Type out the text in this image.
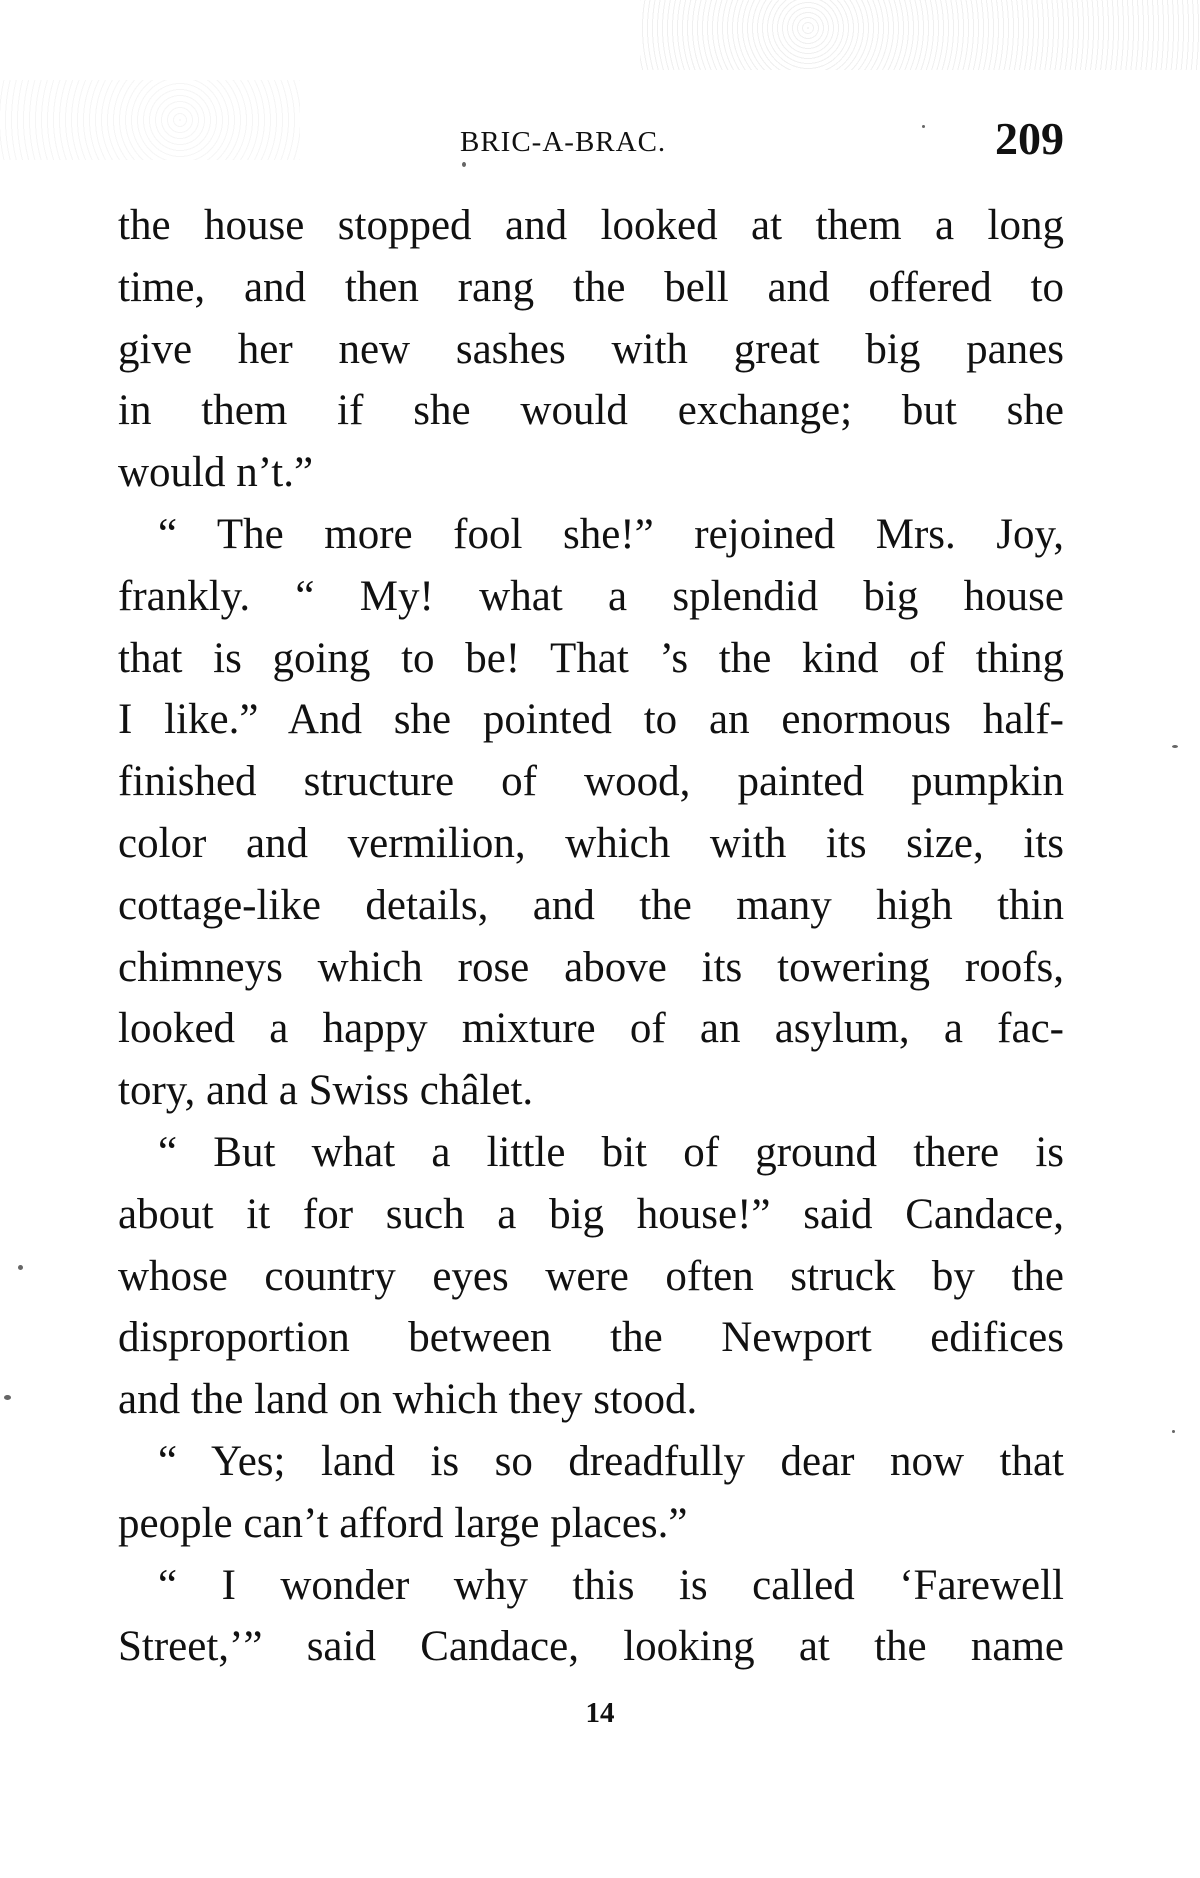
BRIC-A-BRAC.	209
the house stopped and looked at them a long
time, and then rang the bell and offered to
give her new sashes with great big panes
in them if she would exchange; but she
would n’t.”
“ The more fool she!” rejoined Mrs. Joy,
frankly. “ My! what a splendid big house
that is going to be! That ’s the kind of thing
I like.” And she pointed to an enormous half-
finished structure of wood, painted pumpkin
color and vermilion, which with its size, its
cottage-like details, and the many high thin
chimneys which rose above its towering roofs,
looked a happy mixture of an asylum, a fac-
tory, and a Swiss châlet.
“ But what a little bit of ground there is
about it for such a big house!” said Candace,
whose country eyes were often struck by the
disproportion between the Newport edifices
and the land on which they stood.
“ Yes; land is so dreadfully dear now that
people can’t afford large places.”
“ I wonder why this is called ‘Farewell
Street,’” said Candace, looking at the name
14
